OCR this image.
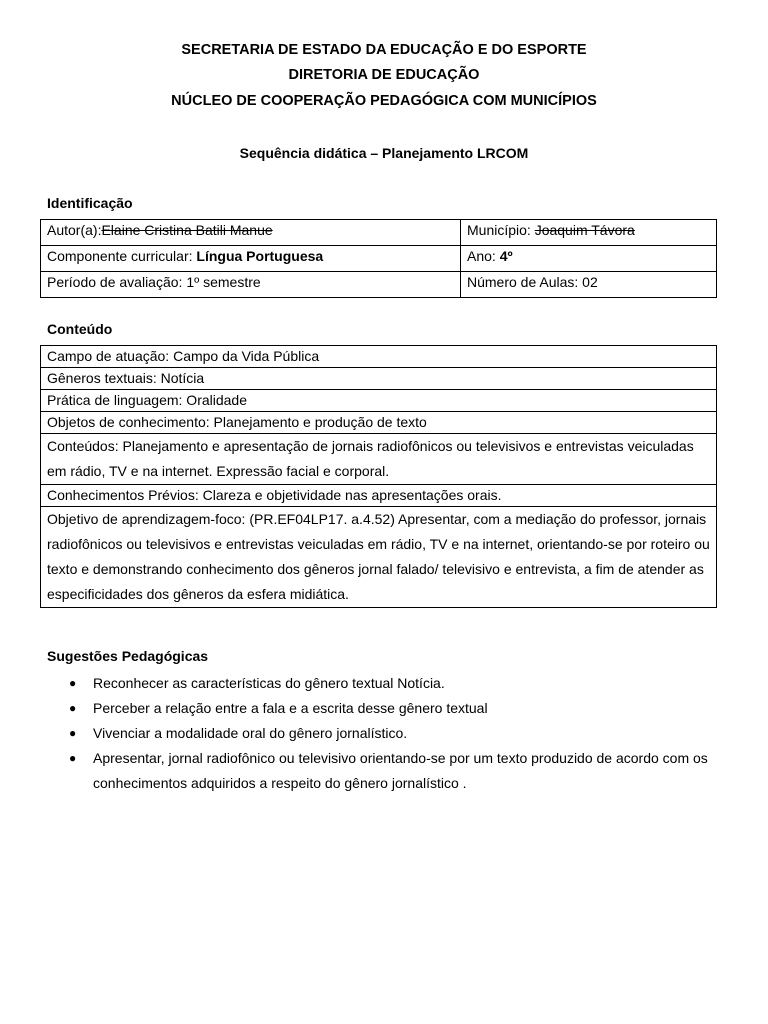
SECRETARIA DE ESTADO DA EDUCAÇÃO E DO ESPORTE
DIRETORIA DE EDUCAÇÃO
NÚCLEO DE COOPERAÇÃO PEDAGÓGICA COM MUNICÍPIOS
Sequência didática – Planejamento LRCOM
Identificação
Autor(a):Elaine Cristina Batili Manue	Município: Joaquim Távora
Componente curricular: Língua Portuguesa	Ano: 4º
Período de avaliação: 1º semestre	Número de Aulas: 02
Conteúdo
Campo de atuação: Campo da Vida Pública
Gêneros textuais: Notícia
Prática de linguagem: Oralidade
Objetos de conhecimento: Planejamento e produção de texto
Conteúdos: Planejamento e apresentação de jornais radiofônicos ou televisivos e entrevistas veiculadas em rádio, TV e na internet. Expressão facial e corporal.
Conhecimentos Prévios: Clareza e objetividade nas apresentações orais.
Objetivo de aprendizagem-foco: (PR.EF04LP17. a.4.52) Apresentar, com a mediação do professor, jornais radiofônicos ou televisivos e entrevistas veiculadas em rádio, TV e na internet, orientando-se por roteiro ou texto e demonstrando conhecimento dos gêneros jornal falado/ televisivo e entrevista, a fim de atender as especificidades dos gêneros da esfera midiática.
Sugestões Pedagógicas
● Reconhecer as características do gênero textual Notícia.
● Perceber a relação entre a fala e a escrita desse gênero textual
● Vivenciar a modalidade oral do gênero jornalístico.
● Apresentar, jornal radiofônico ou televisivo orientando-se por um texto produzido de acordo com os conhecimentos adquiridos a respeito do gênero jornalístico .
